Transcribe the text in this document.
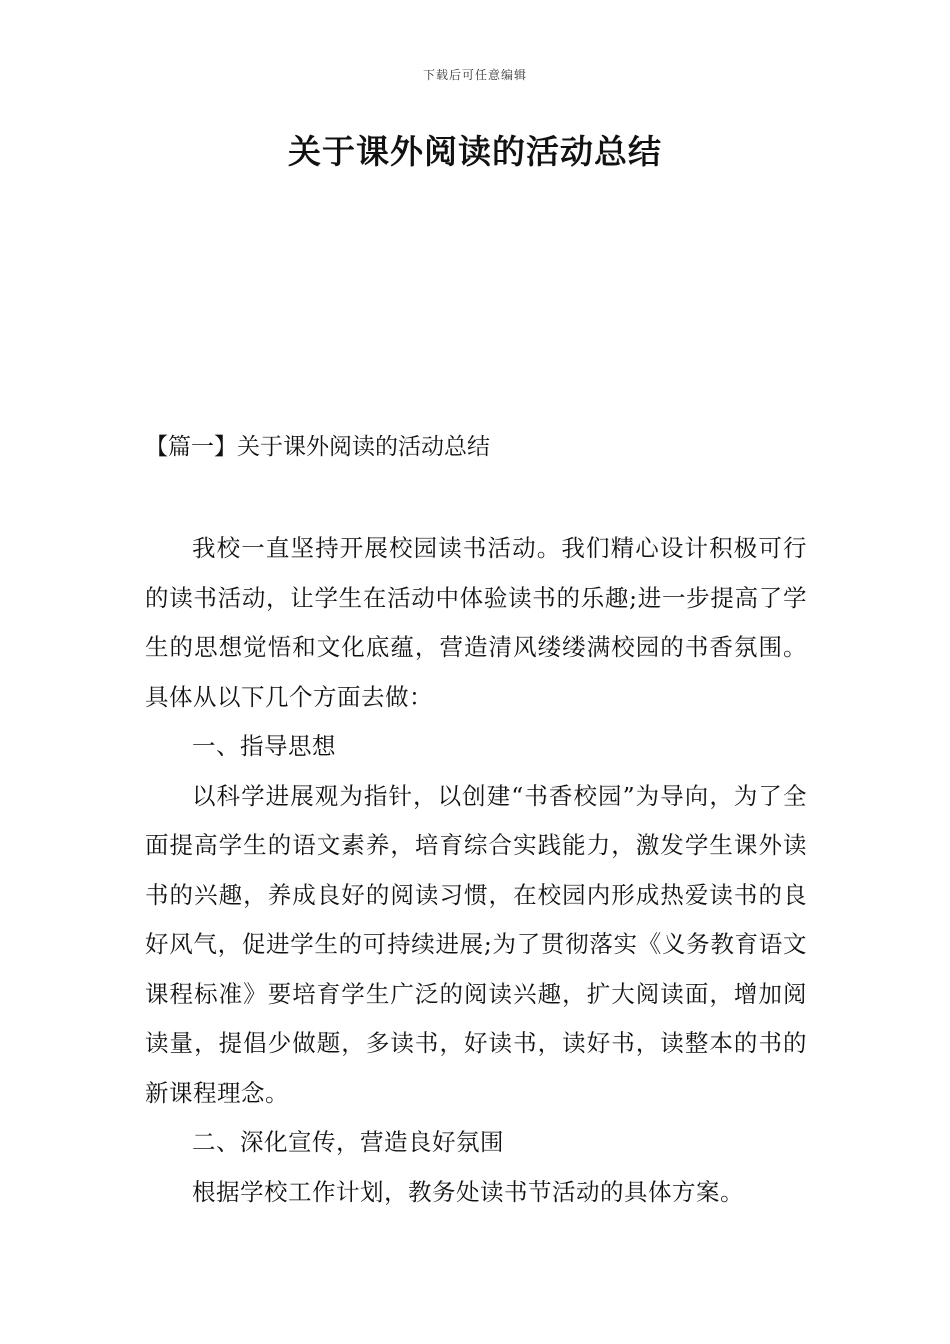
下载后可任意编辑
关于课外阅读的活动总结
【篇一】关于课外阅读的活动总结

我校一直坚持开展校园读书活动。我们精心设计积极可行的读书活动，让学生在活动中体验读书的乐趣;进一步提高了学生的思想觉悟和文化底蕴，营造清风缕缕满校园的书香氛围。具体从以下几个方面去做：

一、指导思想

以科学进展观为指针，以创建“书香校园”为导向，为了全面提高学生的语文素养，培育综合实践能力，激发学生课外读书的兴趣，养成良好的阅读习惯，在校园内形成热爱读书的良好风气，促进学生的可持续进展;为了贯彻落实《义务教育语文课程标准》要培育学生广泛的阅读兴趣，扩大阅读面，增加阅读量，提倡少做题，多读书，好读书，读好书，读整本的书的新课程理念。

二、深化宣传，营造良好氛围

根据学校工作计划，教务处读书节活动的具体方案。
